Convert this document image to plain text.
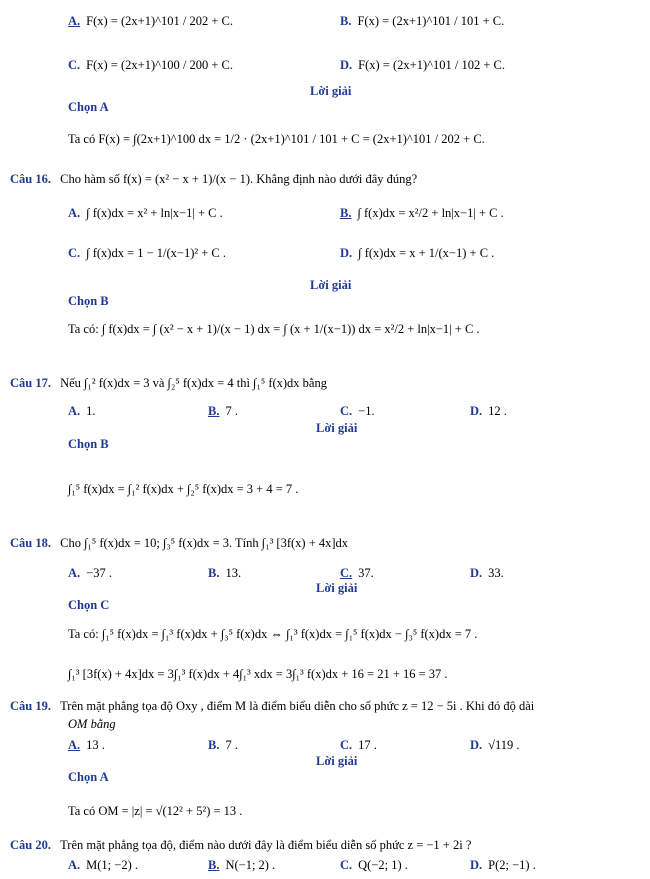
A. F(x) = (2x+1)^101 / 202 + C.	B. F(x) = (2x+1)^101 / 101 + C.
C. F(x) = (2x+1)^100 / 200 + C.	D. F(x) = (2x+1)^101 / 102 + C.
Lời giải
Chọn A
Ta có F(x) = ∫(2x+1)^100 dx = 1/2 · (2x+1)^101 / 101 + C = (2x+1)^101 / 202 + C.
Câu 16. Cho hàm số f(x) = (x² − x + 1)/(x − 1). Khẳng định nào dưới đây đúng?
A. ∫ f(x)dx = x² + ln|x−1| + C .	B. ∫ f(x)dx = x²/2 + ln|x−1| + C .
C. ∫ f(x)dx = 1 − 1/(x−1)² + C .	D. ∫ f(x)dx = x + 1/(x−1) + C .
Lời giải
Chọn B
Ta có: ∫ f(x)dx = ∫ (x² − x + 1)/(x − 1) dx = ∫ (x + 1/(x−1)) dx = x²/2 + ln|x−1| + C .
Câu 17. Nếu ∫₁² f(x)dx = 3 và ∫₂⁵ f(x)dx = 4 thì ∫₁⁵ f(x)dx bằng
A. 1.	B. 7 .	C. −1.	D. 12 .
Lời giải
Chọn B
∫₁⁵ f(x)dx = ∫₁² f(x)dx + ∫₂⁵ f(x)dx = 3 + 4 = 7 .
Câu 18. Cho ∫₁⁵ f(x)dx = 10; ∫₃⁵ f(x)dx = 3. Tính ∫₁³ [3f(x) + 4x]dx
A. −37 .	B. 13.	C. 37.	D. 33.
Lời giải
Chọn C
Ta có: ∫₁⁵ f(x)dx = ∫₁³ f(x)dx + ∫₃⁵ f(x)dx ⇔ ∫₁³ f(x)dx = ∫₁⁵ f(x)dx − ∫₃⁵ f(x)dx = 7 .
∫₁³ [3f(x) + 4x]dx = 3∫₁³ f(x)dx + 4∫₁³ xdx = 3∫₁³ f(x)dx + 16 = 21 + 16 = 37 .
Câu 19. Trên mặt phẳng tọa độ Oxy , điểm M là điểm biểu diễn cho số phức z = 12 − 5i . Khi đó độ dài
OM bằng
A. 13 .	B. 7 .	C. 17 .	D. √119 .
Lời giải
Chọn A
Ta có OM = |z| = √(12² + 5²) = 13 .
Câu 20. Trên mặt phẳng tọa độ, điểm nào dưới đây là điểm biểu diễn số phức z = −1 + 2i ?
A. M(1; −2) .	B. N(−1; 2) .	C. Q(−2; 1) .	D. P(2; −1) .
